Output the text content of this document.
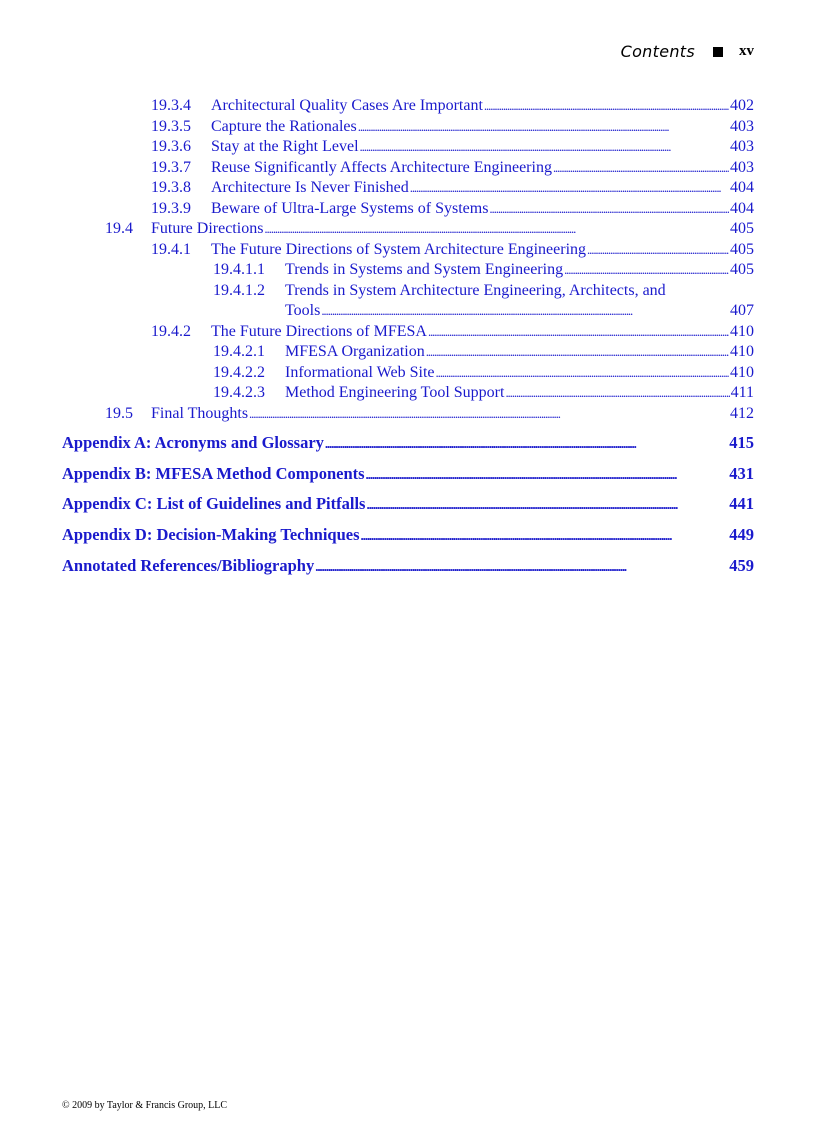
Contents	xv
19.3.4	Architectural Quality Cases Are Important . . .	402
19.3.5	Capture the Rationales . . .	403
19.3.6	Stay at the Right Level . . .	403
19.3.7	Reuse Significantly Affects Architecture Engineering . . .	403
19.3.8	Architecture Is Never Finished . . .	404
19.3.9	Beware of Ultra-Large Systems of Systems . . .	404
19.4	Future Directions . . .	405
19.4.1	The Future Directions of System Architecture Engineering . . .	405
19.4.1.1	Trends in Systems and System Engineering . . .	405
19.4.1.2 Trends in System Architecture Engineering, Architects, and
Tools . . .	407
19.4.2	The Future Directions of MFESA . . .	410
19.4.2.1	MFESA Organization . . .	410
19.4.2.2	Informational Web Site . . .	410
19.4.2.3	Method Engineering Tool Support . . .	411
19.5	Final Thoughts . . .	412
Appendix A: Acronyms and Glossary . . .	415
Appendix B: MFESA Method Components . . .	431
Appendix C: List of Guidelines and Pitfalls . . .	441
Appendix D: Decision-Making Techniques . . .	449
Annotated References/Bibliography . . .	459
© 2009 by Taylor & Francis Group, LLC
